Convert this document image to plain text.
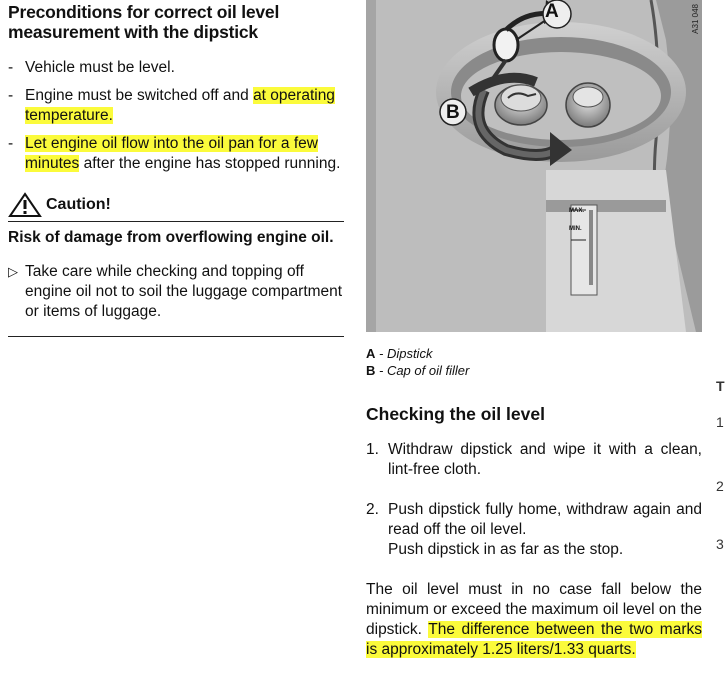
Preconditions for correct oil level measurement with the dipstick
- Vehicle must be level.
- Engine must be switched off and at operating temperature.
- Let engine oil flow into the oil pan for a few minutes after the engine has stopped running.
Caution!
Risk of damage from overflowing engine oil.
▷ Take care while checking and topping off engine oil not to soil the luggage compartment or items of luggage.
A
B
MAX.
MIN.
A31 048
A - Dipstick
B - Cap of oil filler
Checking the oil level
1. Withdraw dipstick and wipe it with a clean, lint-free cloth.
2. Push dipstick fully home, withdraw again and read off the oil level.
Push dipstick in as far as the stop.
The oil level must in no case fall below the minimum or exceed the maximum oil level on the dipstick. The difference between the two marks is approximately 1.25 liters/1.33 quarts.
T
1
2
3
